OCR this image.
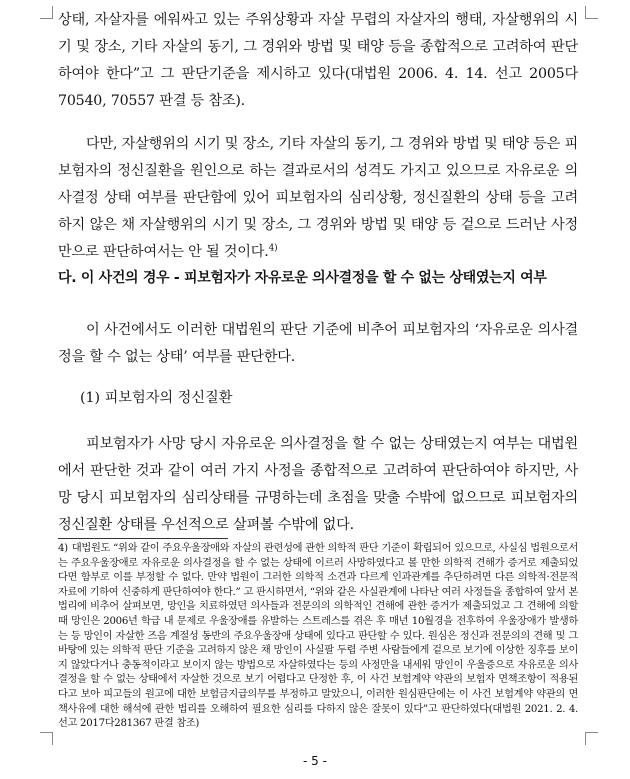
상태, 자살자를 에워싸고 있는 주위상황과 자살 무렵의 자살자의 행태, 자살행위의 시기 및 장소, 기타 자살의 동기, 그 경위와 방법 및 태양 등을 종합적으로 고려하여 판단하여야 한다”고 그 판단기준을 제시하고 있다(대법원 2006. 4. 14. 선고 2005다70540, 70557 판결 등 참조).

다만, 자살행위의 시기 및 장소, 기타 자살의 동기, 그 경위와 방법 및 태양 등은 피보험자의 정신질환을 원인으로 하는 결과로서의 성격도 가지고 있으므로 자유로운 의사결정 상태 여부를 판단함에 있어 피보험자의 심리상황, 정신질환의 상태 등을 고려하지 않은 채 자살행위의 시기 및 장소, 그 경위와 방법 및 태양 등 겉으로 드러난 사정만으로 판단하여서는 안 될 것이다.$^{4)}$

다. 이 사건의 경우 - 피보험자가 자유로운 의사결정을 할 수 없는 상태였는지 여부

이 사건에서도 이러한 대법원의 판단 기준에 비추어 피보험자의 ‘자유로운 의사결정을 할 수 없는 상태’ 여부를 판단한다.

(1) 피보험자의 정신질환

피보험자가 사망 당시 자유로운 의사결정을 할 수 없는 상태였는지 여부는 대법원에서 판단한 것과 같이 여러 가지 사정을 종합적으로 고려하여 판단하여야 하지만, 사망 당시 피보험자의 심리상태를 규명하는데 초점을 맞출 수밖에 없으므로 피보험자의 정신질환 상태를 우선적으로 살펴볼 수밖에 없다.

4) 대법원도 “위와 같이 주요우울장애와 자살의 관련성에 관한 의학적 판단 기준이 확립되어 있으므로, 사실심 법원으로서는 주요우울장애로 자유로운 의사결정을 할 수 없는 상태에 이르러 사망하였다고 볼 만한 의학적 견해가 증거로 제출되었다면 함부로 이를 부정할 수 없다. 만약 법원이 그러한 의학적 소견과 다르게 인과관계를 추단하려면 다른 의학적·전문적 자료에 기하여 신중하게 판단하여야 한다.” 고 판시하면서, “위와 같은 사실관계에 나타난 여러 사정들을 종합하여 앞서 본 법리에 비추어 살펴보면, 망인을 치료하였던 의사들과 전문의의 의학적인 견해에 관한 증거가 제출되었고 그 견해에 의할 때 망인은 2006년 학급 내 문제로 우울장애를 유발하는 스트레스를 겪은 후 매년 10월경을 전후하여 우울장애가 발생하는 등 망인이 자살한 즈음 계절성 동반의 주요우울장애 상태에 있다고 판단할 수 있다. 원심은 정신과 전문의의 견해 및 그 바탕에 있는 의학적 판단 기준을 고려하지 않은 채 망인이 사실팔 두렵 주변 사람들에게 겉으로 보기에 이상한 징후를 보이지 않았다거나 충동적이라고 보이지 않는 방법으로 자살하였다는 등의 사정만을 내세워 망인이 우울증으로 자유로운 의사결정을 할 수 없는 상태에서 자살한 것으로 보기 어렵다고 단정한 후, 이 사건 보험계약 약관의 보험자 면책조항이 적용된다고 보아 피고들의 원고에 대한 보험금지급의무를 부정하고 말았으니, 이러한 원심판단에는 이 사건 보험계약 약관의 면책사유에 대한 해석에 관한 법리를 오해하여 필요한 심리를 다하지 않은 잘못이 있다”고 판단하였다(대법원 2021. 2. 4. 선고 2017다281367 판결 참조)
- 5 -
